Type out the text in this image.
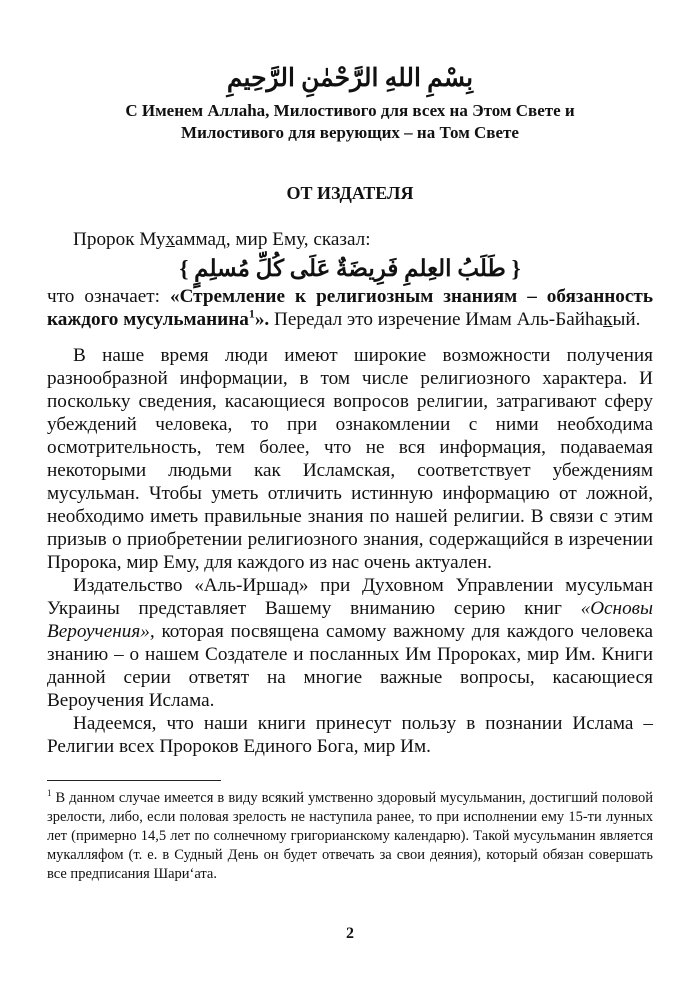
بِسْمِ اللهِ الرَّحْمٰنِ الرَّحِيمِ
С Именем Аллаhа, Милостивого для всех на Этом Свете и
Милостивого для верующих – на Том Свете
ОТ ИЗДАТЕЛЯ
Пророк Мухаммад, мир Ему, сказал:
{ طَلَبُ العِلمِ فَرِيضَةٌ عَلَى كُلِّ مُسلِمٍ }
что означает: «Стремление к религиозным знаниям – обязанность каждого мусульманина$^1$». Передал это изречение Имам Аль-Байhакый.
В наше время люди имеют широкие возможности получения разнообразной информации, в том числе религиозного характера. И поскольку сведения, касающиеся вопросов религии, затрагивают сферу убеждений человека, то при ознакомлении с ними необходима осмотрительность, тем более, что не вся информация, подаваемая некоторыми людьми как Исламская, соответствует убеждениям мусульман. Чтобы уметь отличить истинную информацию от ложной, необходимо иметь правильные знания по нашей религии. В связи с этим призыв о приобретении религиозного знания, содержащийся в изречении Пророка, мир Ему, для каждого из нас очень актуален.
Издательство «Аль-Иршад» при Духовном Управлении мусульман Украины представляет Вашему вниманию серию книг «Основы Вероучения», которая посвящена самому важному для каждого человека знанию – о нашем Создателе и посланных Им Пророках, мир Им. Книги данной серии ответят на многие важные вопросы, касающиеся Вероучения Ислама.
Надеемся, что наши книги принесут пользу в познании Ислама – Религии всех Пророков Единого Бога, мир Им.
$^1$ В данном случае имеется в виду всякий умственно здоровый мусульманин, достигший половой зрелости, либо, если половая зрелость не наступила ранее, то при исполнении ему 15-ти лунных лет (примерно 14,5 лет по солнечному григорианскому календарю). Такой мусульманин является мукалляфом (т. е. в Судный День он будет отвечать за свои деяния), который обязан совершать все предписания Шари‘ата.
2
